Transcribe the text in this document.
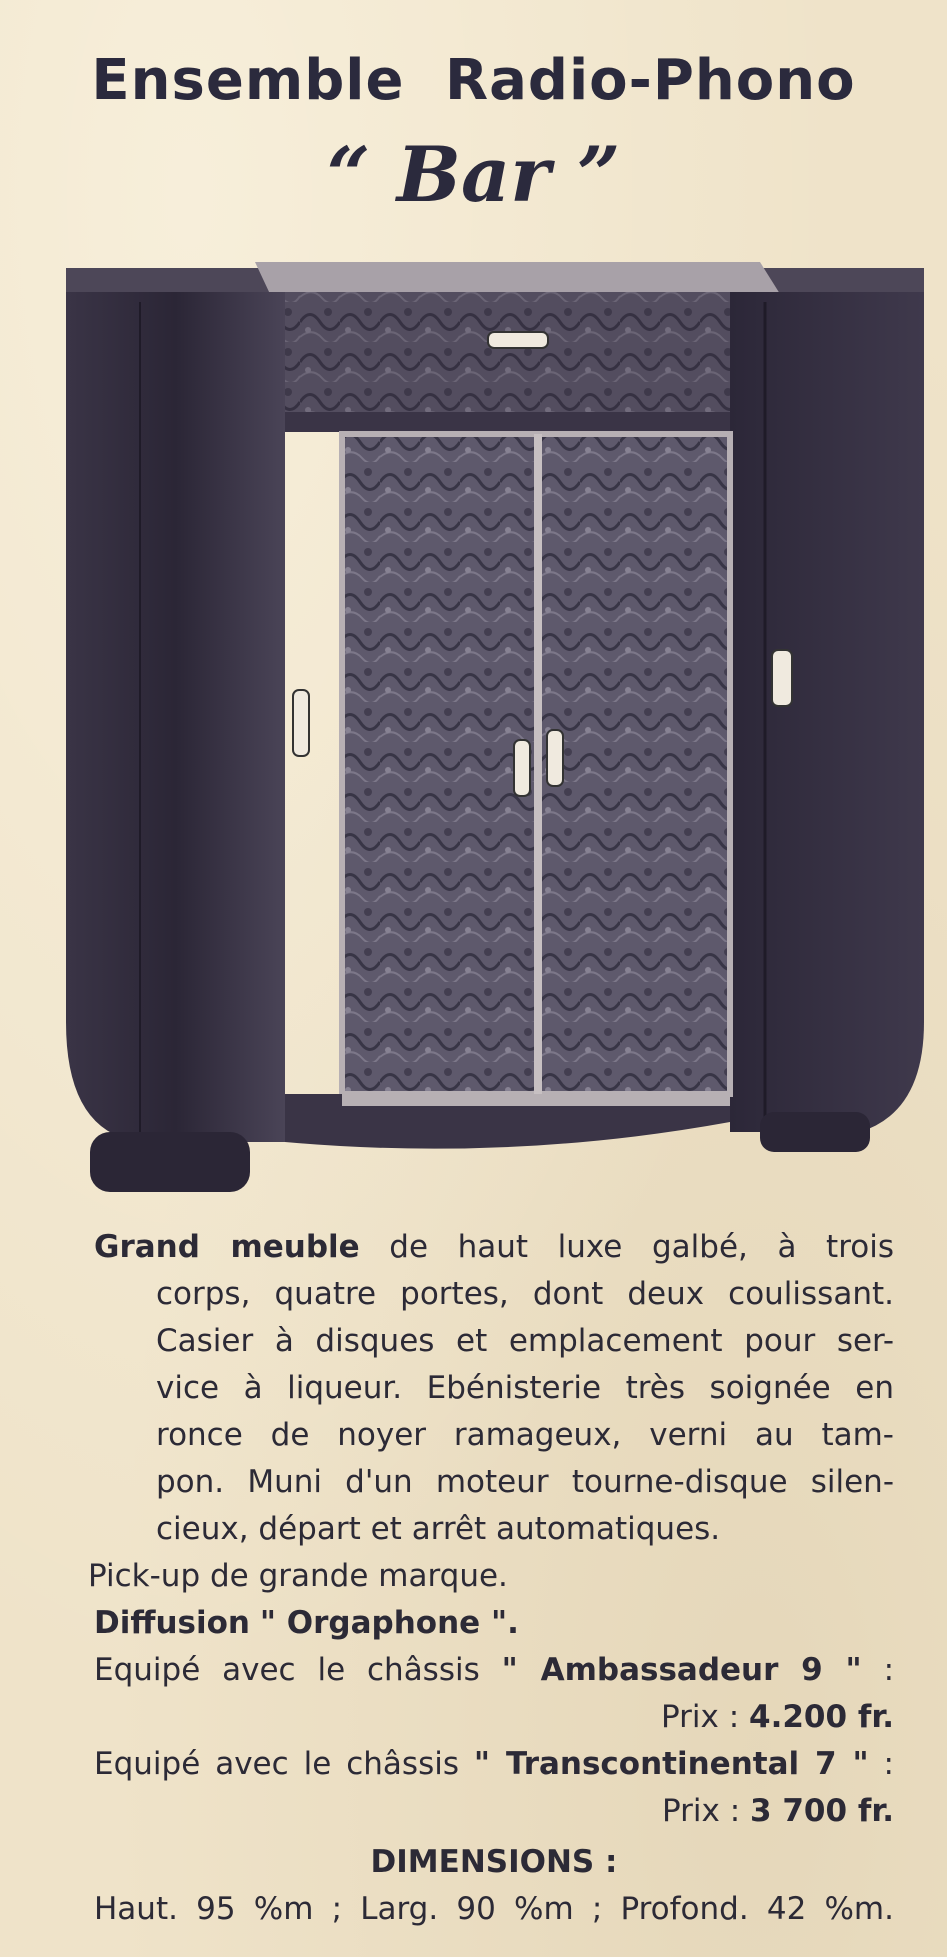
Ensemble Radio-Phono
“ Bar ”
Grand meuble de haut luxe galbé, à trois
corps, quatre portes, dont deux coulissant.
Casier à disques et emplacement pour ser-
vice à liqueur. Ebénisterie très soignée en
ronce de noyer ramageux, verni au tam-
pon. Muni d'un moteur tourne-disque silen-
cieux, départ et arrêt automatiques.
Pick-up de grande marque.
Diffusion " Orgaphone ".
Equipé avec le châssis " Ambassadeur 9 " :
Prix : 4.200 fr.
Equipé avec le châssis " Transcontinental 7 " :
Prix : 3 700 fr.
DIMENSIONS :
Haut. 95 %m ; Larg. 90 %m ; Profond. 42 %m.
